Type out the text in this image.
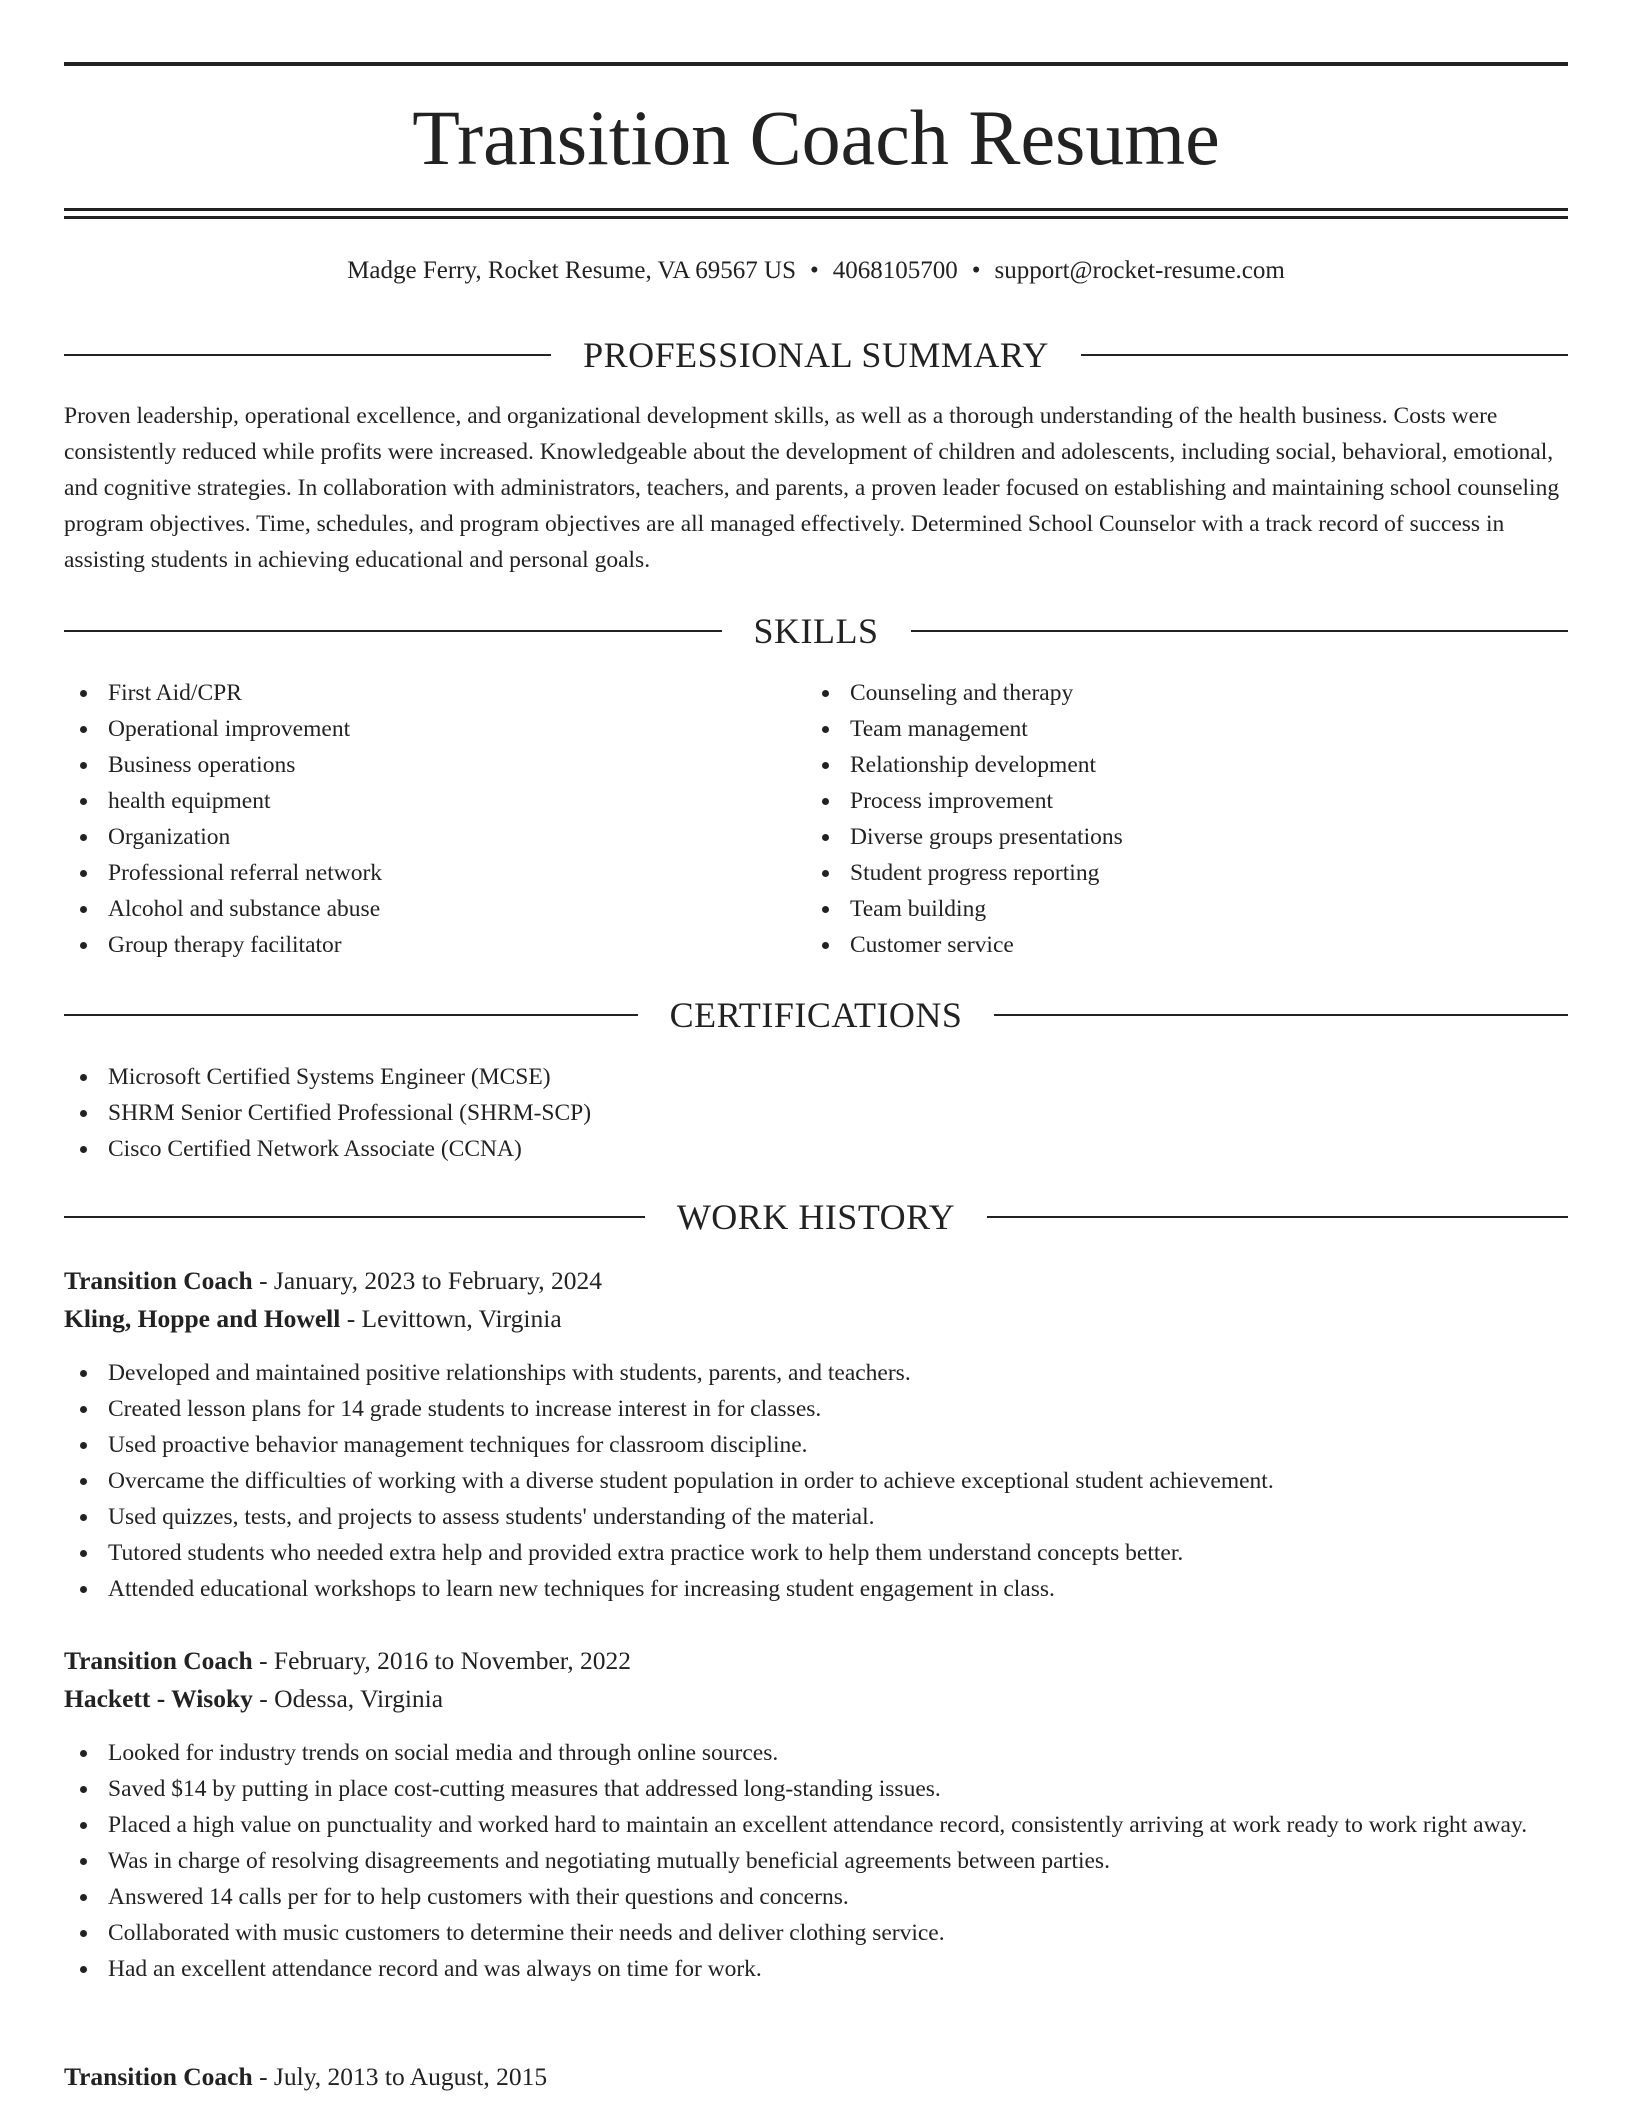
Transition Coach Resume
Madge Ferry, Rocket Resume, VA 69567 US • 4068105700 • support@rocket-resume.com
PROFESSIONAL SUMMARY

Proven leadership, operational excellence, and organizational development skills, as well as a thorough understanding of the health business. Costs were consistently reduced while profits were increased. Knowledgeable about the development of children and adolescents, including social, behavioral, emotional, and cognitive strategies. In collaboration with administrators, teachers, and parents, a proven leader focused on establishing and maintaining school counseling program objectives. Time, schedules, and program objectives are all managed effectively. Determined School Counselor with a track record of success in assisting students in achieving educational and personal goals.

SKILLS
First Aid/CPR
Operational improvement
Business operations
health equipment
Organization
Professional referral network
Alcohol and substance abuse
Group therapy facilitator
Counseling and therapy
Team management
Relationship development
Process improvement
Diverse groups presentations
Student progress reporting
Team building
Customer service
CERTIFICATIONS
Microsoft Certified Systems Engineer (MCSE)
SHRM Senior Certified Professional (SHRM-SCP)
Cisco Certified Network Associate (CCNA)
WORK HISTORY
Transition Coach - January, 2023 to February, 2024
Kling, Hoppe and Howell - Levittown, Virginia
Developed and maintained positive relationships with students, parents, and teachers.
Created lesson plans for 14 grade students to increase interest in for classes.
Used proactive behavior management techniques for classroom discipline.
Overcame the difficulties of working with a diverse student population in order to achieve exceptional student achievement.
Used quizzes, tests, and projects to assess students' understanding of the material.
Tutored students who needed extra help and provided extra practice work to help them understand concepts better.
Attended educational workshops to learn new techniques for increasing student engagement in class.
Transition Coach - February, 2016 to November, 2022
Hackett - Wisoky - Odessa, Virginia
Looked for industry trends on social media and through online sources.
Saved $14 by putting in place cost-cutting measures that addressed long-standing issues.
Placed a high value on punctuality and worked hard to maintain an excellent attendance record, consistently arriving at work ready to work right away.
Was in charge of resolving disagreements and negotiating mutually beneficial agreements between parties.
Answered 14 calls per for to help customers with their questions and concerns.
Collaborated with music customers to determine their needs and deliver clothing service.
Had an excellent attendance record and was always on time for work.
Transition Coach - July, 2013 to August, 2015
